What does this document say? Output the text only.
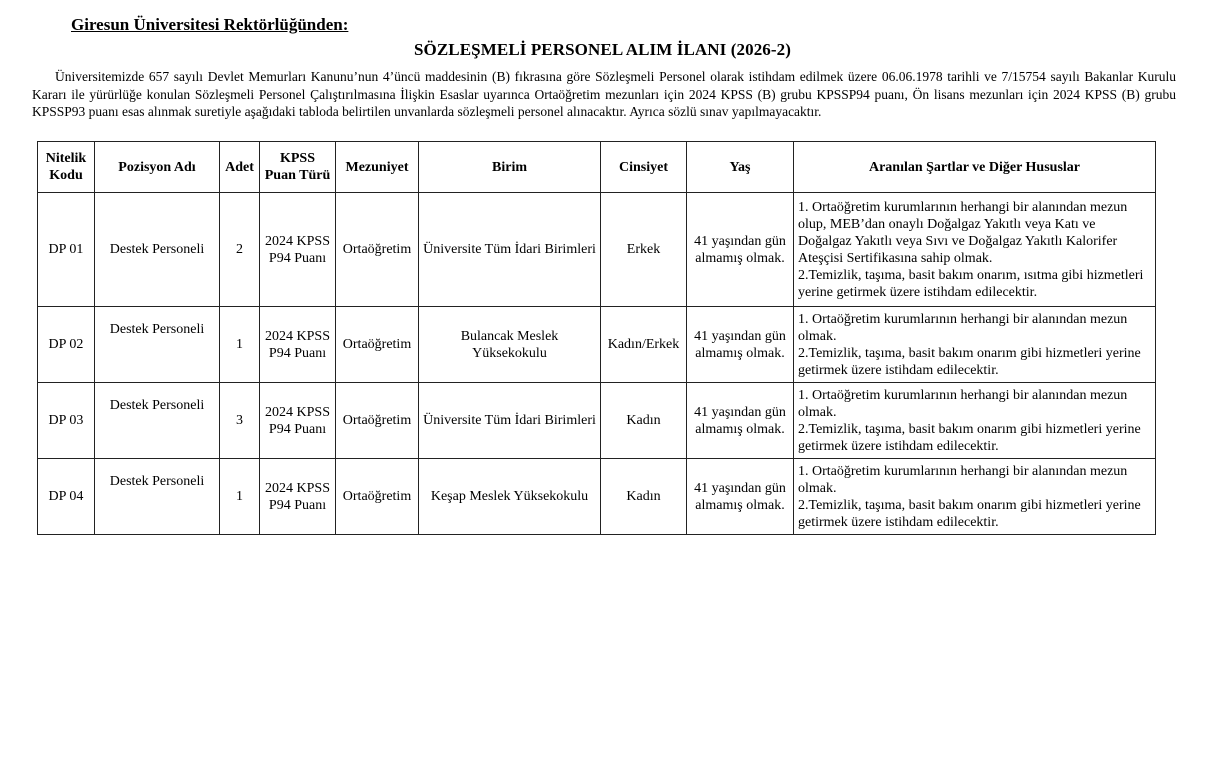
Giresun Üniversitesi Rektörlüğünden:
SÖZLEŞMELİ PERSONEL ALIM İLANI (2026-2)
Üniversitemizde 657 sayılı Devlet Memurları Kanunu’nun 4’üncü maddesinin (B) fıkrasına göre Sözleşmeli Personel olarak istihdam edilmek üzere 06.06.1978 tarihli ve 7/15754 sayılı Bakanlar Kurulu Kararı ile yürürlüğe konulan Sözleşmeli Personel Çalıştırılmasına İlişkin Esaslar uyarınca Ortaöğretim mezunları için 2024 KPSS (B) grubu KPSSP94 puanı, Ön lisans mezunları için 2024 KPSS (B) grubu KPSSP93 puanı esas alınmak suretiyle aşağıdaki tabloda belirtilen unvanlarda sözleşmeli personel alınacaktır. Ayrıca sözlü sınav yapılmayacaktır.
Nitelik Kodu	Pozisyon Adı	Adet	KPSS Puan Türü	Mezuniyet	Birim	Cinsiyet	Yaş	Aranılan Şartlar ve Diğer Hususlar
DP 01	Destek Personeli	2	2024 KPSS P94 Puanı	Ortaöğretim	Üniversite Tüm İdari Birimleri	Erkek	41 yaşından gün almamış olmak.	1. Ortaöğretim kurumlarının herhangi bir alanından mezun olup, MEB’dan onaylı Doğalgaz Yakıtlı veya Katı ve Doğalgaz Yakıtlı veya Sıvı ve Doğalgaz Yakıtlı Kalorifer Ateşçisi Sertifikasına sahip olmak.
2.Temizlik, taşıma, basit bakım onarım, ısıtma gibi hizmetleri yerine getirmek üzere istihdam edilecektir.

DP 02	Destek Personeli	1	2024 KPSS P94 Puanı	Ortaöğretim	Bulancak Meslek Yüksekokulu	Kadın/Erkek	41 yaşından gün almamış olmak.	1. Ortaöğretim kurumlarının herhangi bir alanından mezun olmak.
2.Temizlik, taşıma, basit bakım onarım gibi hizmetleri yerine getirmek üzere istihdam edilecektir.

DP 03	Destek Personeli	3	2024 KPSS P94 Puanı	Ortaöğretim	Üniversite Tüm İdari Birimleri	Kadın	41 yaşından gün almamış olmak.	1. Ortaöğretim kurumlarının herhangi bir alanından mezun olmak.
2.Temizlik, taşıma, basit bakım onarım gibi hizmetleri yerine getirmek üzere istihdam edilecektir.

DP 04	Destek Personeli	1	2024 KPSS P94 Puanı	Ortaöğretim	Keşap Meslek Yüksekokulu	Kadın	41 yaşından gün almamış olmak.	1. Ortaöğretim kurumlarının herhangi bir alanından mezun olmak.
2.Temizlik, taşıma, basit bakım onarım gibi hizmetleri yerine getirmek üzere istihdam edilecektir.
